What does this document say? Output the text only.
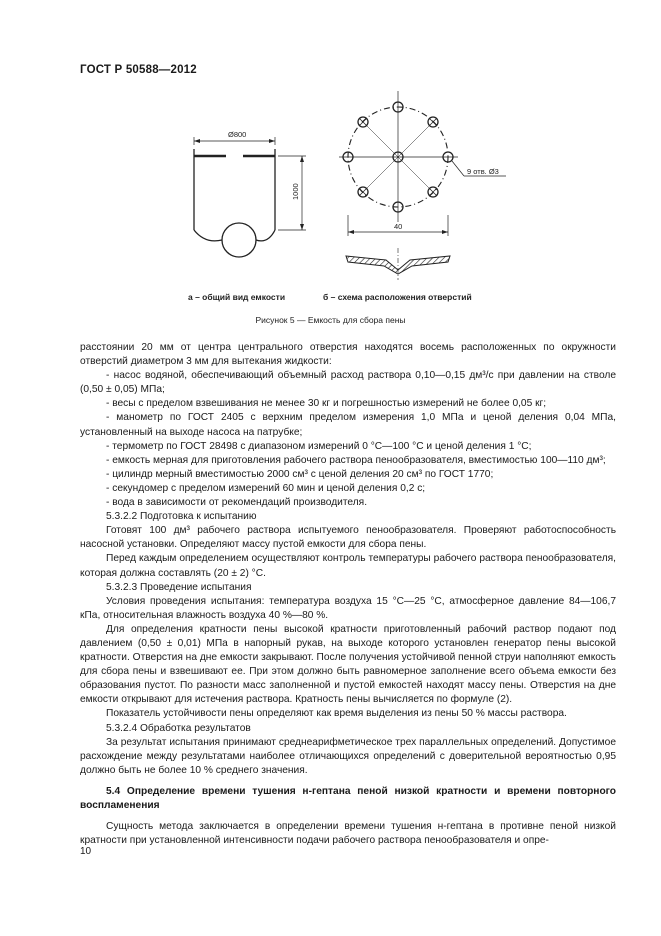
ГОСТ Р 50588—2012
Ø800
1000
9 отв. Ø3
40
а – общий вид емкости	б – схема расположения отверстий
Рисунок 5 — Емкость для сбора пены

расстоянии 20 мм от центра центрального отверстия находятся восемь расположенных по окружности отверстий диаметром 3 мм для вытекания жидкости:

- насос водяной, обеспечивающий объемный расход раствора 0,10—0,15 дм³/с при давлении на стволе (0,50 ± 0,05) МПа;

- весы с пределом взвешивания не менее 30 кг и погрешностью измерений не более 0,05 кг;

- манометр по ГОСТ 2405 с верхним пределом измерения 1,0 МПа и ценой деления 0,04 МПа, установленный на выходе насоса на патрубке;

- термометр по ГОСТ 28498 с диапазоном измерений 0 °С—100 °С и ценой деления 1 °С;

- емкость мерная для приготовления рабочего раствора пенообразователя, вместимостью 100—110 дм³;

- цилиндр мерный вместимостью 2000 см³ с ценой деления 20 см³ по ГОСТ 1770;

- секундомер с пределом измерений 60 мин и ценой деления 0,2 с;

- вода в зависимости от рекомендаций производителя.

5.3.2.2 Подготовка к испытанию

Готовят 100 дм³ рабочего раствора испытуемого пенообразователя. Проверяют работоспособность насосной установки. Определяют массу пустой емкости для сбора пены.

Перед каждым определением осуществляют контроль температуры рабочего раствора пенообразователя, которая должна составлять (20 ± 2) °С.

5.3.2.3 Проведение испытания

Условия проведения испытания: температура воздуха 15 °С—25 °С, атмосферное давление 84—106,7 кПа, относительная влажность воздуха 40 %—80 %.

Для определения кратности пены высокой кратности приготовленный рабочий раствор подают под давлением (0,50 ± 0,01) МПа в напорный рукав, на выходе которого установлен генератор пены высокой кратности. Отверстия на дне емкости закрывают. После получения устойчивой пенной струи наполняют емкость для сбора пены и взвешивают ее. При этом должно быть равномерное заполнение всего объема емкости без образования пустот. По разности масс заполненной и пустой емкостей находят массу пены. Отверстия на дне емкости открывают для истечения раствора. Кратность пены вычисляется по формуле (2).

Показатель устойчивости пены определяют как время выделения из пены 50 % массы раствора.

5.3.2.4 Обработка результатов

За результат испытания принимают среднеарифметическое трех параллельных определений. Допустимое расхождение между результатами наиболее отличающихся определений с доверительной вероятностью 0,95 должно быть не более 10 % среднего значения.

5.4 Определение времени тушения н-гептана пеной низкой кратности и времени повторного воспламенения

Сущность метода заключается в определении времени тушения н-гептана в противне пеной низкой кратности при установленной интенсивности подачи рабочего раствора пенообразователя и опре-

10
